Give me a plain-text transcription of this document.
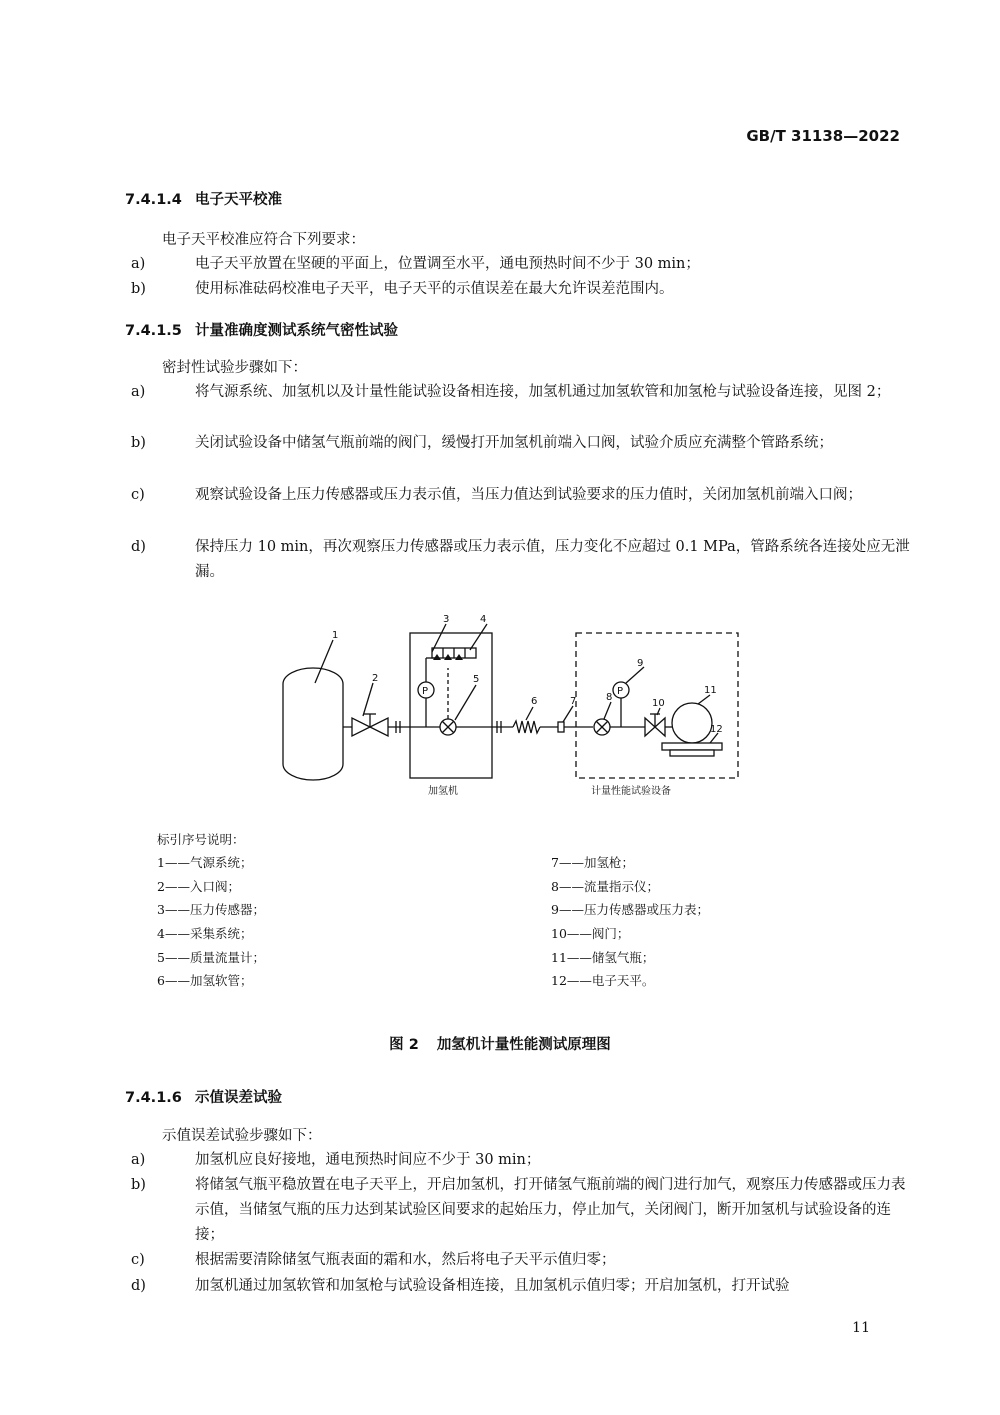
GB/T 31138—2022
7.4.1.4 电子天平校准
电子天平校准应符合下列要求：
a)	电子天平放置在坚硬的平面上，位置调至水平，通电预热时间不少于 30 min；
b)	使用标准砝码校准电子天平，电子天平的示值误差在最大允许误差范围内。
7.4.1.5 计量准确度测试系统气密性试验
密封性试验步骤如下：
a)	将气源系统、加氢机以及计量性能试验设备相连接，加氢机通过加氢软管和加氢枪与试验设备连接，见图 2；
b)	关闭试验设备中储氢气瓶前端的阀门，缓慢打开加氢机前端入口阀，试验介质应充满整个管路系统；
c)	观察试验设备上压力传感器或压力表示值，当压力值达到试验要求的压力值时，关闭加氢机前端入口阀；
d)	保持压力 10 min，再次观察压力传感器或压力表示值，压力变化不应超过 0.1 MPa，管路系统各连接处应无泄漏。
1
2
3	4
5
6	7	8
9
10
11
12
P	P
加氢机	计量性能试验设备
标引序号说明：
1——气源系统；
2——入口阀；
3——压力传感器；
4——采集系统；
5——质量流量计；
6——加氢软管；
7——加氢枪；
8——流量指示仪；
9——压力传感器或压力表；
10——阀门；
11——储氢气瓶；
12——电子天平。
图 2 加氢机计量性能测试原理图
7.4.1.6 示值误差试验
示值误差试验步骤如下：
a)	加氢机应良好接地，通电预热时间应不少于 30 min；
b)	将储氢气瓶平稳放置在电子天平上，开启加氢机，打开储氢气瓶前端的阀门进行加气，观察压力传感器或压力表示值，当储氢气瓶的压力达到某试验区间要求的起始压力，停止加气，关闭阀门，断开加氢机与试验设备的连接；
c)	根据需要清除储氢气瓶表面的霜和水，然后将电子天平示值归零；
d)	加氢机通过加氢软管和加氢枪与试验设备相连接，且加氢机示值归零；开启加氢机，打开试验
11
